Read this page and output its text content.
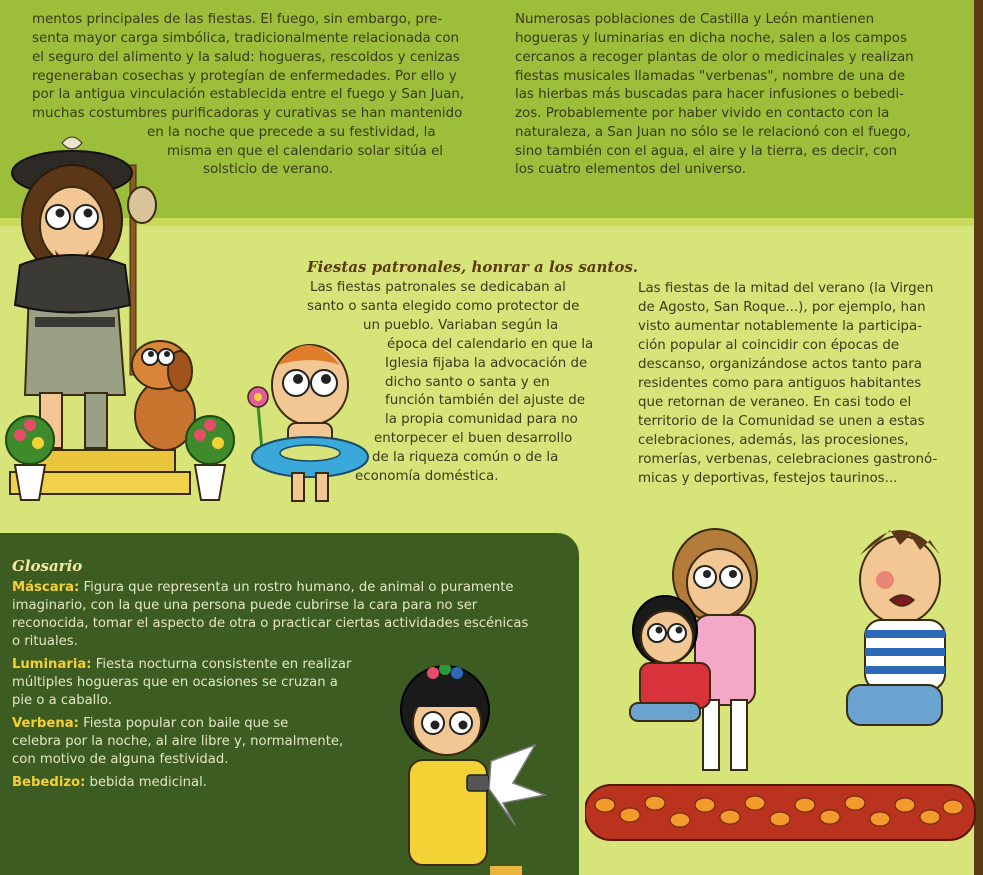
mentos principales de las fiestas. El fuego, sin embargo, pre-

senta mayor carga simbólica, tradicionalmente relacionada con

el seguro del alimento y la salud: hogueras, rescoldos y cenizas

regeneraban cosechas y protegían de enfermedades. Por ello y

por la antigua vinculación establecida entre el fuego y San Juan,

muchas costumbres purificadoras y curativas se han mantenido

en la noche que precede a su festividad, la

misma en que el calendario solar sitúa el

solsticio de verano.

Numerosas poblaciones de Castilla y León mantienen

hogueras y luminarias en dicha noche, salen a los campos

cercanos a recoger plantas de olor o medicinales y realizan

fiestas musicales llamadas "verbenas", nombre de una de

las hierbas más buscadas para hacer infusiones o bebedi-

zos. Probablemente por haber vivido en contacto con la

naturaleza, a San Juan no sólo se le relacionó con el fuego,

sino también con el agua, el aire y la tierra, es decir, con

los cuatro elementos del universo.

Fiestas patronales, honrar a los santos.

Las fiestas patronales se dedicaban al

santo o santa elegido como protector de

un pueblo. Variaban según la

época del calendario en que la

Iglesia fijaba la advocación de

dicho santo o santa y en

función también del ajuste de

la propia comunidad para no

entorpecer el buen desarrollo

de la riqueza común o de la

economía doméstica.

Las fiestas de la mitad del verano (la Virgen

de Agosto, San Roque...), por ejemplo, han

visto aumentar notablemente la participa-

ción popular al coincidir con épocas de

descanso, organizándose actos tanto para

residentes como para antiguos habitantes

que retornan de veraneo. En casi todo el

territorio de la Comunidad se unen a estas

celebraciones, además, las procesiones,

romerías, verbenas, celebraciones gastronó-

micas y deportivas, festejos taurinos...

Glosario

Máscara: Figura que representa un rostro humano, de animal o puramente

imaginario, con la que una persona puede cubrirse la cara para no ser

reconocida, tomar el aspecto de otra o practicar ciertas actividades escénicas

o rituales.

Luminaria: Fiesta nocturna consistente en realizar

múltiples hogueras que en ocasiones se cruzan a

pie o a caballo.

Verbena: Fiesta popular con baile que se

celebra por la noche, al aire libre y, normalmente,

con motivo de alguna festividad.

Bebedizo: bebida medicinal.
